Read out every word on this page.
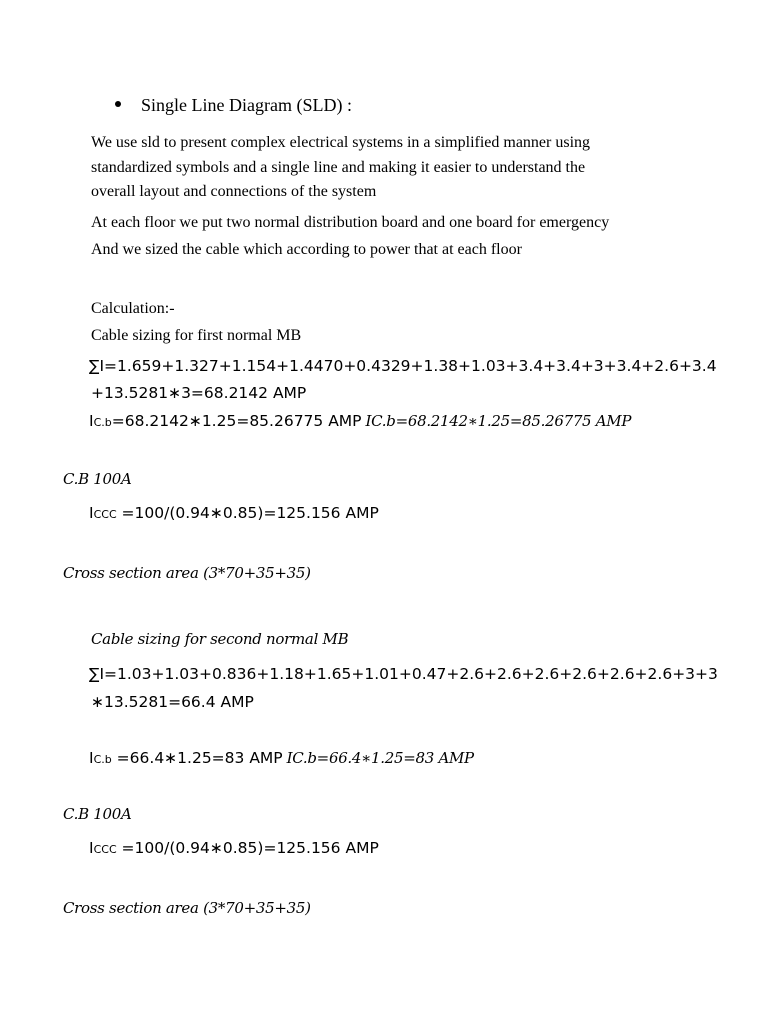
Single Line Diagram (SLD) :
We use sld to present complex electrical systems in a simplified manner using
standardized symbols and a single line and making it easier to understand the
overall layout and connections of the system
At each floor we put two normal distribution board and one board for emergency
And we sized the cable which according to power that at each floor
Calculation:-
Cable sizing for first normal MB
∑I=1.659+1.327+1.154+1.4470+0.4329+1.38+1.03+3.4+3.4+3+3.4+2.6+3.4
+13.5281∗3=68.2142 AMP
IC.b=68.2142∗1.25=85.26775 AMP IC.b=68.2142∗1.25=85.26775 AMP
C.B 100A
ICCC =100/(0.94∗0.85)=125.156 AMP
Cross section area (3*70+35+35)
Cable sizing for second normal MB
∑I=1.03+1.03+0.836+1.18+1.65+1.01+0.47+2.6+2.6+2.6+2.6+2.6+2.6+3+3
∗13.5281=66.4 AMP
IC.b =66.4∗1.25=83 AMP IC.b=66.4∗1.25=83 AMP
C.B 100A
ICCC =100/(0.94∗0.85)=125.156 AMP
Cross section area (3*70+35+35)
